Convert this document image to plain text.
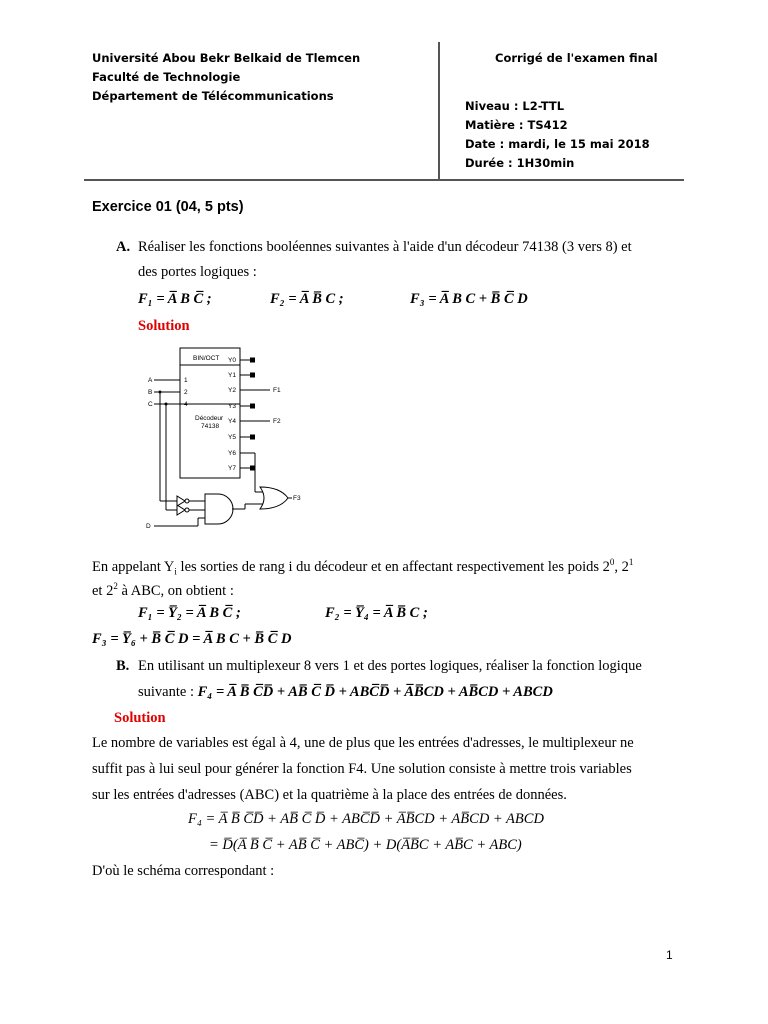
Université Abou Bekr Belkaid de Tlemcen
Faculté de Technologie
Département de Télécommunications
Corrigé de l'examen final
Niveau : L2-TTL
Matière : TS412
Date : mardi, le 15 mai 2018
Durée : 1H30min
Exercice 01 (04, 5 pts)
A. Réaliser les fonctions booléennes suivantes à l'aide d'un décodeur 74138 (3 vers 8) et
des portes logiques :
F₁ = A̅ B C̅ ;	F₂ = A̅ B̅ C ;	F₃ = A̅ B C + B̅ C̅ D
Solution
BIN/OCT
Décodeur
74138
A
B
C
1
2
4
Y0
Y1
Y2
Y3
Y4
Y5
Y6
Y7
F1
F2
F3
D
En appelant $Y_i$ les sorties de rang i du décodeur et en affectant respectivement les poids $2^0$, $2^1$
et $2^2$ à ABC, on obtient :
F₁ = Y̅₂ = A̅ B C̅ ;	F₂ = Y̅₄ = A̅ B̅ C ;
F₃ = Y̅₆ + B̅ C̅ D = A̅ B C + B̅ C̅ D
B. En utilisant un multiplexeur 8 vers 1 et des portes logiques, réaliser la fonction logique
suivante : F₄ = A̅ B̅ C̅D̅ + AB̅ C̅ D̅ + ABC̅D̅ + A̅B̅CD + AB̅CD + ABCD
Solution
Le nombre de variables est égal à 4, une de plus que les entrées d'adresses, le multiplexeur ne
suffit pas à lui seul pour générer la fonction F4. Une solution consiste à mettre trois variables
sur les entrées d'adresses (ABC) et la quatrième à la place des entrées de données.
F₄ = A̅ B̅ C̅D̅ + AB̅ C̅ D̅ + ABC̅D̅ + A̅B̅CD + AB̅CD + ABCD
= D̅(A̅ B̅ C̅ + AB̅ C̅ + ABC̅) + D(A̅B̅C + AB̅C + ABC)
D'où le schéma correspondant :
1
